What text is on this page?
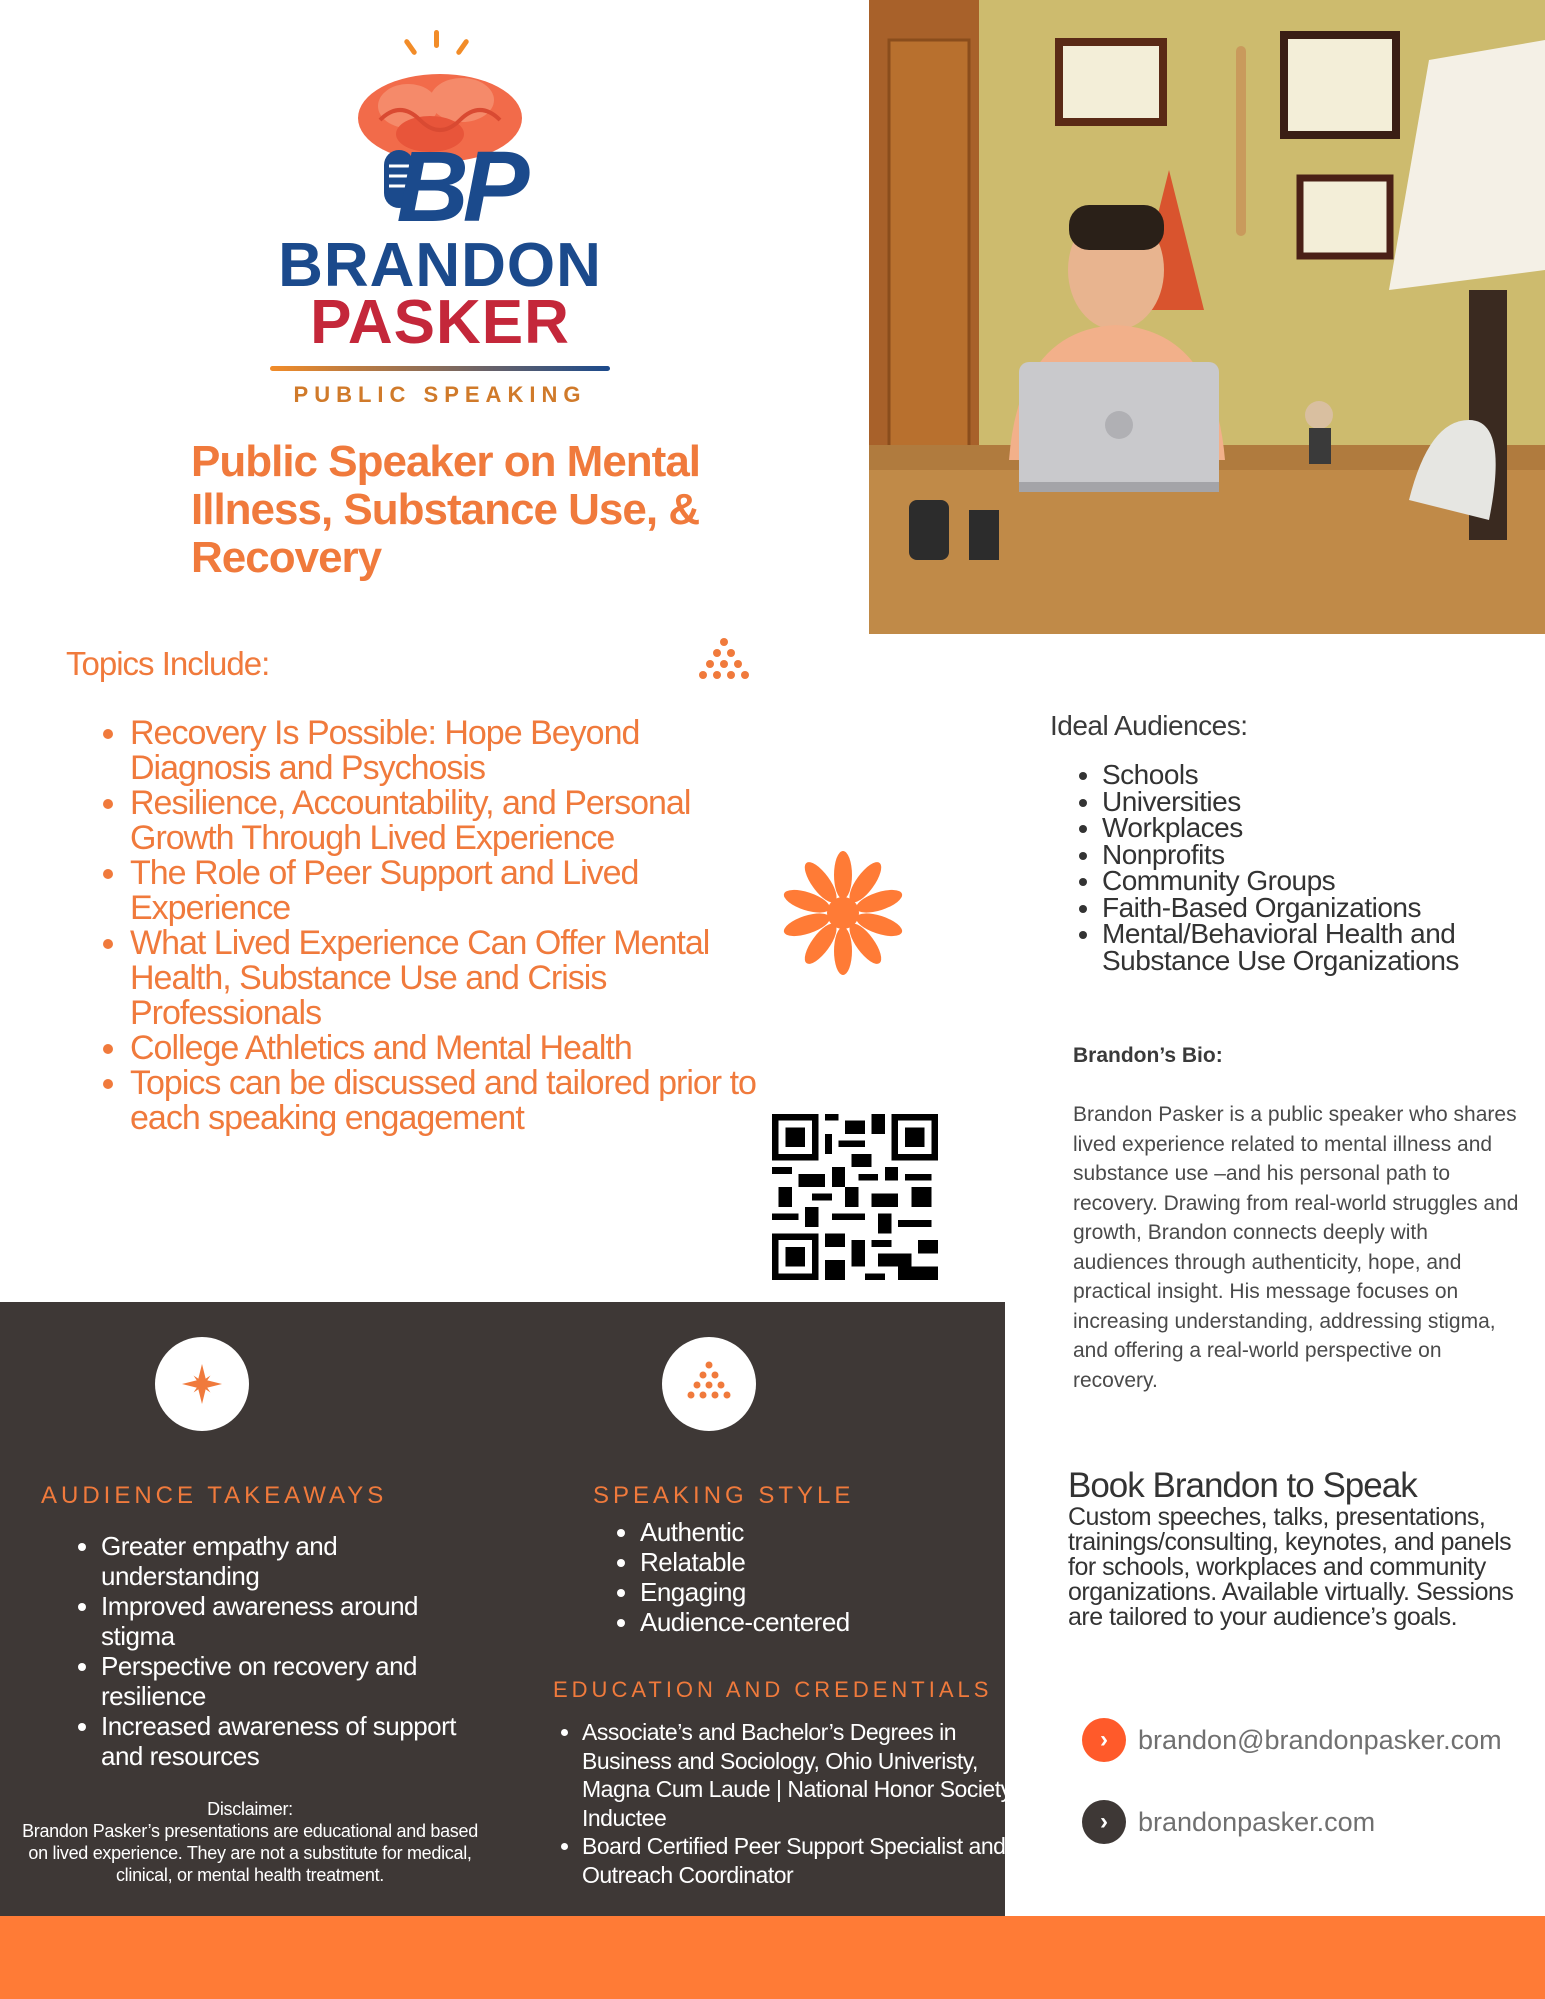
BP
BRANDON
PASKER
PUBLIC SPEAKING
Public Speaker on Mental Illness, Substance Use, & Recovery
Topics Include:
• Recovery Is Possible: Hope Beyond Diagnosis and Psychosis
• Resilience, Accountability, and Personal Growth Through Lived Experience
• The Role of Peer Support and Lived Experience
• What Lived Experience Can Offer Mental Health, Substance Use and Crisis Professionals
• College Athletics and Mental Health
• Topics can be discussed and tailored prior to each speaking engagement
Ideal Audiences:
• Schools
• Universities
• Workplaces
• Nonprofits
• Community Groups
• Faith-Based Organizations
• Mental/Behavioral Health and Substance Use Organizations
Brandon’s Bio:

Brandon Pasker is a public speaker who shares lived experience related to mental illness and substance use –and his personal path to recovery. Drawing from real-world struggles and growth, Brandon connects deeply with audiences through authenticity, hope, and practical insight. His message focuses on increasing understanding, addressing stigma, and offering a real-world perspective on recovery.

Book Brandon to Speak

Custom speeches, talks, presentations, trainings/consulting, keynotes, and panels for schools, workplaces and community organizations. Available virtually. Sessions are tailored to your audience’s goals.

›	brandon@brandonpasker.com
›	brandonpasker.com
AUDIENCE TAKEAWAYS
• Greater empathy and understanding
• Improved awareness around stigma
• Perspective on recovery and resilience
• Increased awareness of support and resources
SPEAKING STYLE
• Authentic
• Relatable
• Engaging
• Audience-centered
EDUCATION AND CREDENTIALS
• Associate’s and Bachelor’s Degrees in Business and Sociology, Ohio Univeristy, Magna Cum Laude | National Honor Society Inductee
• Board Certified Peer Support Specialist and Outreach Coordinator
Disclaimer:
Brandon Pasker’s presentations are educational and based on lived experience. They are not a substitute for medical, clinical, or mental health treatment.
